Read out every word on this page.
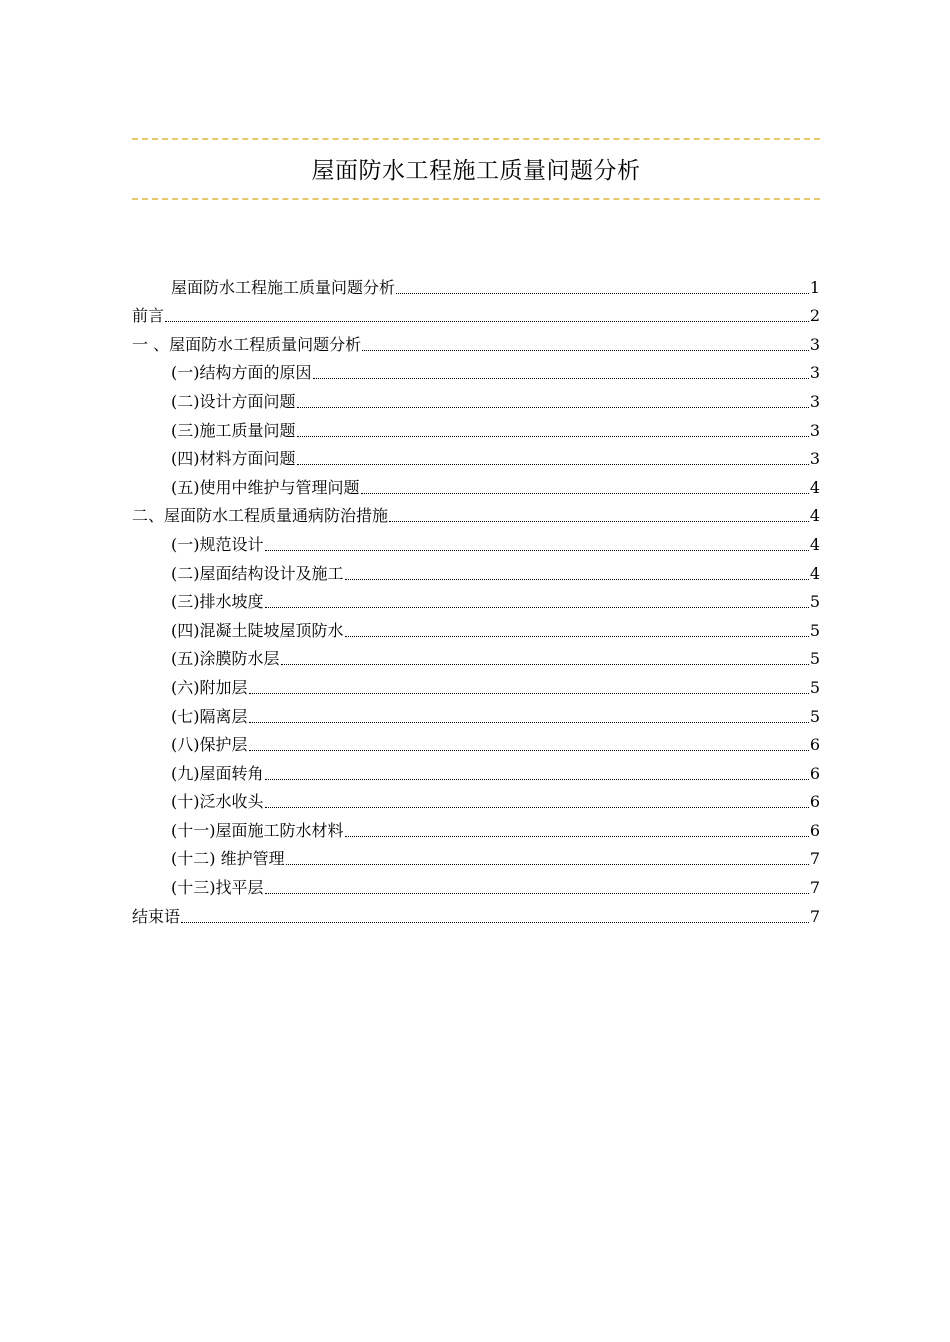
屋面防水工程施工质量问题分析
屋面防水工程施工质量问题分析	1
前言	2
一 、屋面防水工程质量问题分析	3
(一)结构方面的原因	3
(二)设计方面问题	3
(三)施工质量问题	3
(四)材料方面问题	3
(五)使用中维护与管理问题	4
二、屋面防水工程质量通病防治措施	4
(一)规范设计	4
(二)屋面结构设计及施工	4
(三)排水坡度	5
(四)混凝土陡坡屋顶防水	5
(五)涂膜防水层	5
(六)附加层	5
(七)隔离层	5
(八)保护层	6
(九)屋面转角	6
(十)泛水收头	6
(十一)屋面施工防水材料	6
(十二) 维护管理	7
(十三)找平层	7
结束语	7
